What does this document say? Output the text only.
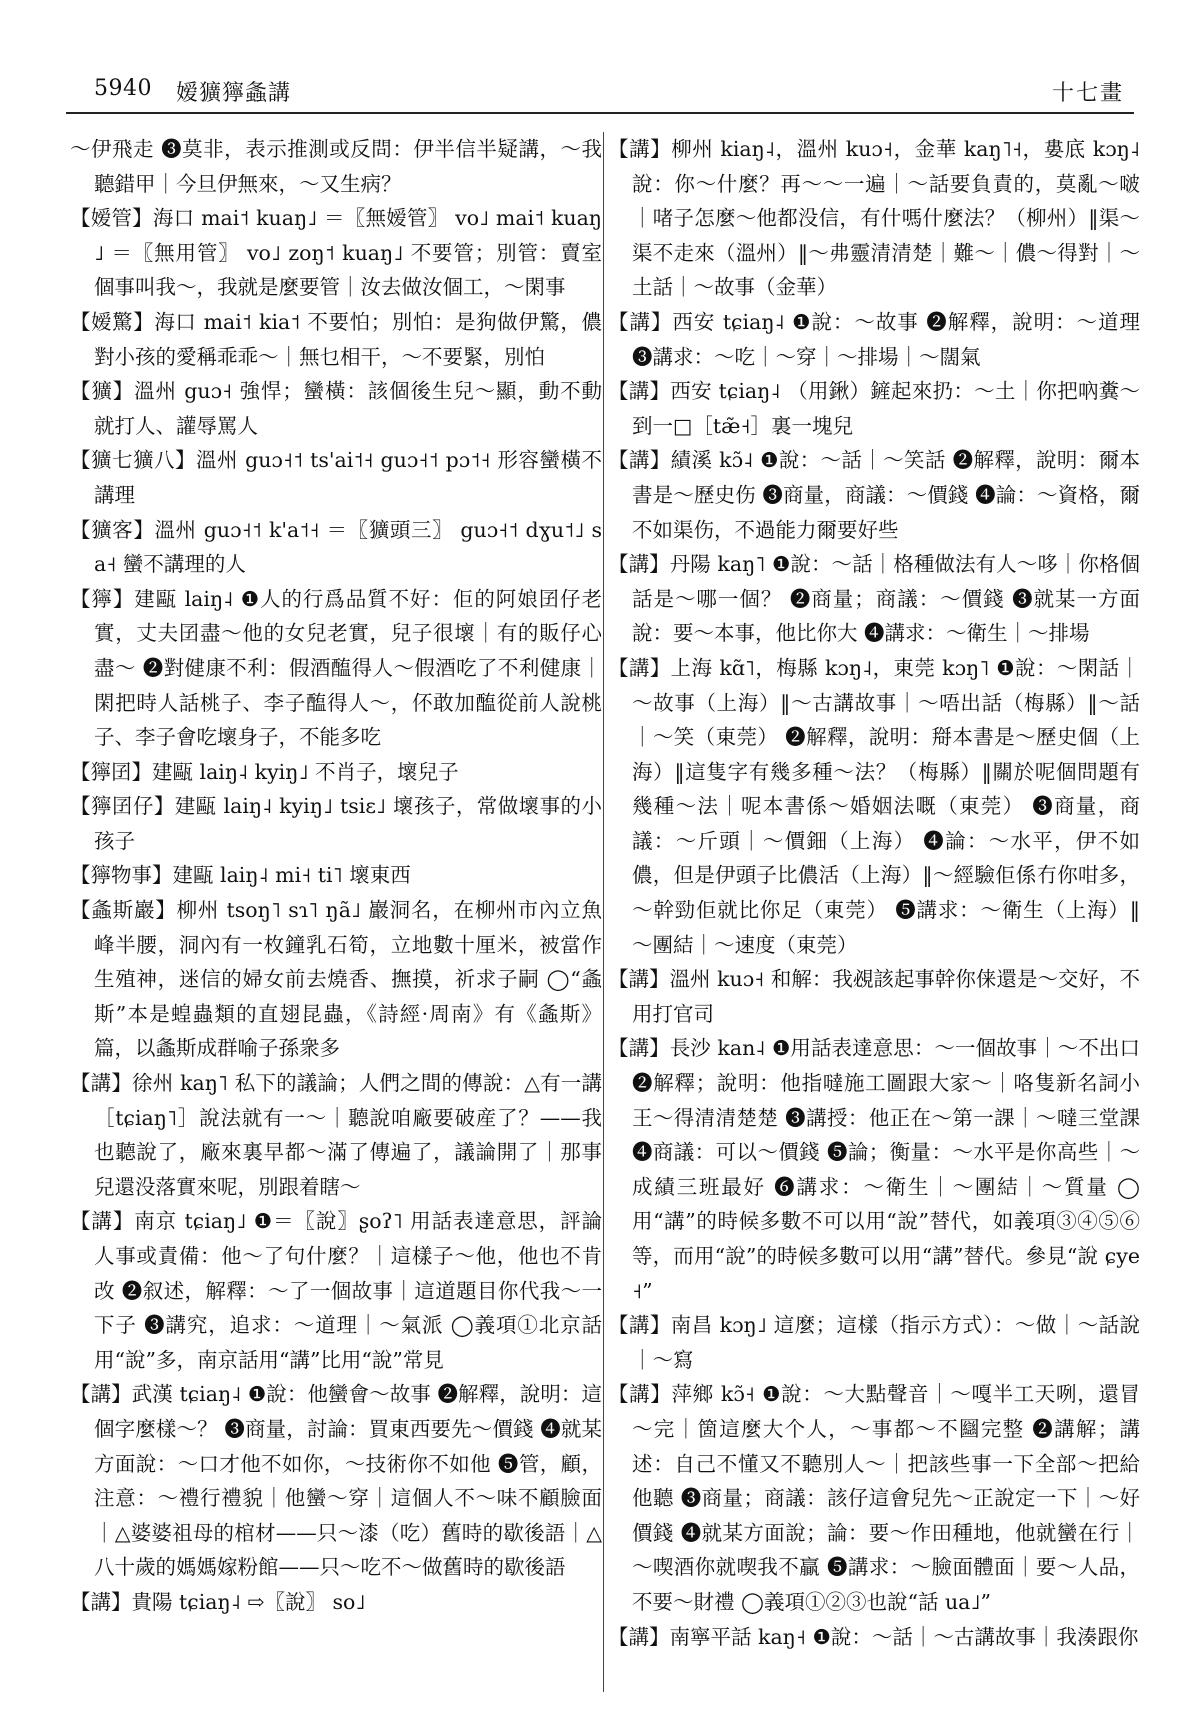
5940 嫒獷獰螽講	十七畫

～伊飛走 ❸莫非，表示推測或反問：伊半信半疑講，～我聽錯甲｜今旦伊無來，～又生病？

【嫒管】海口 mai˦ kuaŋ˩ ＝〖無嫒管〗 vo˩ mai˦ kuaŋ˩ ＝〖無用管〗 vo˩ zoŋ˦ kuaŋ˩ 不要管；別管：賣室個事叫我～，我就是麼要管｜汝去做汝個工，～閑事

【嫒驚】海口 mai˦ kia˦ 不要怕；別怕：是狗做伊驚，儂對小孩的愛稱乖乖～｜無乜相干，～不要緊，別怕

【獷】溫州 guɔ˧ 強悍；蠻橫：該個後生兒～顯，動不動就打人、讙辱罵人

【獷七獷八】溫州 guɔ˧˦ ts'ai˦˧ guɔ˧˦ pɔ˦˧ 形容蠻橫不講理

【獷客】溫州 guɔ˧˦ k'a˦˧ ＝〖獷頭三〗 guɔ˧˦ dɣu˦˩ sa˧ 蠻不講理的人

【獰】建甌 laiŋ˨ ❶人的行爲品質不好：佢的阿娘囝仔老實，丈夫囝盡～他的女兒老實，兒子很壞｜有的販仔心盡～ ❷對健康不利：假酒醢得人～假酒吃了不利健康｜閑把時人話桃子、李子醢得人～，伓敢加醢從前人說桃子、李子會吃壞身子，不能多吃

【獰囝】建甌 laiŋ˨ kyiŋ˩ 不肖子，壞兒子

【獰囝仔】建甌 laiŋ˨ kyiŋ˩ tsiɛ˩ 壞孩子，常做壞事的小孩子

【獰物事】建甌 laiŋ˨ mi˧ ti˥ 壞東西

【螽斯巖】柳州 tsoŋ˥ sɿ˥ ŋã˩ 巖洞名，在柳州市內立魚峰半腰，洞內有一枚鐘乳石筍，立地數十厘米，被當作生殖神，迷信的婦女前去燒香、撫摸，祈求子嗣 ◯“螽斯”本是蝗蟲類的直翅昆蟲，《詩經·周南》有《螽斯》篇，以螽斯成群喻子孫衆多

【講】徐州 kaŋ˥ 私下的議論；人們之間的傳說：△有一講［tɕiaŋ˥］說法就有一～｜聽說咱廠要破産了？——我也聽說了，廠來裏早都～滿了傳遍了，議論開了｜那事兒還没落實來呢，別跟着瞎～

【講】南京 tɕiaŋ˩ ❶＝〖說〗ʂoʔ˥ 用話表達意思，評論人事或責備：他～了句什麼？｜這樣子～他，他也不肯改 ❷叙述，解釋：～了一個故事｜這道題目你代我～一下子 ❸講究，追求：～道理｜～氣派 ◯義項①北京話用“說”多，南京話用“講”比用“說”常見

【講】武漢 tɕiaŋ˨ ❶說：他蠻會～故事 ❷解釋，說明：這個字麼樣～？ ❸商量，討論：買東西要先～價錢 ❹就某方面說：～口才他不如你，～技術你不如他 ❺管，顧，注意：～禮行禮貌｜他蠻～穿｜這個人不～味不顧臉面｜△婆婆祖母的棺材——只～漆（吃）舊時的歇後語｜△八十歲的媽媽嫁粉館——只～吃不～做舊時的歇後語

【講】貴陽 tɕiaŋ˨ ⇨〖說〗 so˩

【講】柳州 kiaŋ˨，溫州 kuɔ˧，金華 kaŋ˥˧，婁底 kɔŋ˨ 說：你～什麼？再～～一遍｜～話要負責的，莫亂～啵｜啫子怎麼～他都没信，有什嗎什麼法？（柳州）‖渠～渠不走來（溫州）‖～弗靈清清楚｜難～｜儂～得對｜～土話｜～故事（金華）

【講】西安 tɕiaŋ˨ ❶說：～故事 ❷解釋，說明：～道理 ❸講求：～吃｜～穿｜～排場｜～闊氣

【講】西安 tɕiaŋ˨ （用鍬）鏟起來扔：～土｜你把吶糞～到一□［tæ̃˧］裏一塊兒

【講】績溪 kɔ̃˨ ❶說：～話｜～笑話 ❷解釋，說明：爾本書是～歷史伤 ❸商量，商議：～價錢 ❹論：～資格，爾不如渠伤，不過能力爾要好些

【講】丹陽 kaŋ˥ ❶說：～話｜格種做法有人～哆｜你格個話是～哪一個？ ❷商量；商議：～價錢 ❸就某一方面說：要～本事，他比你大 ❹講求：～衛生｜～排場

【講】上海 kɑ̃˥，梅縣 kɔŋ˨，東莞 kɔŋ˥ ❶說：～閑話｜～故事（上海）‖～古講故事｜～唔出話（梅縣）‖～話｜～笑（東莞） ❷解釋，說明：搿本書是～歷史個（上海）‖這隻字有幾多種～法？（梅縣）‖關於呢個問題有幾種～法｜呢本書係～婚姻法嘅（東莞） ❸商量，商議：～斤頭｜～價鈿（上海） ❹論：～水平，伊不如儂，但是伊頭子比儂活（上海）‖～經驗佢係冇你咁多，～幹勁佢就比你足（東莞） ❺講求：～衛生（上海）‖～團結｜～速度（東莞）

【講】溫州 kuɔ˧ 和解：我覕該起事幹你俫還是～交好，不用打官司

【講】長沙 kan˨ ❶用話表達意思：～一個故事｜～不出口 ❷解釋；說明：他指噠施工圖跟大家～｜咯隻新名詞小王～得清清楚楚 ❸講授：他正在～第一課｜～噠三堂課 ❹商議：可以～價錢 ❺論；衡量：～水平是你高些｜～成績三班最好 ❻講求：～衛生｜～團結｜～質量 ◯用“講”的時候多數不可以用“說”替代，如義項③④⑤⑥等，而用“說”的時候多數可以用“講”替代。參見“說 ɕye˧”

【講】南昌 kɔŋ˩ 這麼；這樣（指示方式）：～做｜～話說｜～寫

【講】萍鄉 kɔ̃˧ ❶說：～大點聲音｜～嘎半工天咧，還冒～完｜箇這麼大个人，～事都～不圝完整 ❷講解；講述：自己不懂又不聽別人～｜把該些事一下全部～把給他聽 ❸商量；商議：該仔這會兒先～正說定一下｜～好價錢 ❹就某方面說；論：要～作田種地，他就蠻在行｜～喫酒你就喫我不贏 ❺講求：～臉面體面｜要～人品，不要～財禮 ◯義項①②③也說“話 ua˩”

【講】南寧平話 kaŋ˧ ❶說：～話｜～古講故事｜我湊跟你
